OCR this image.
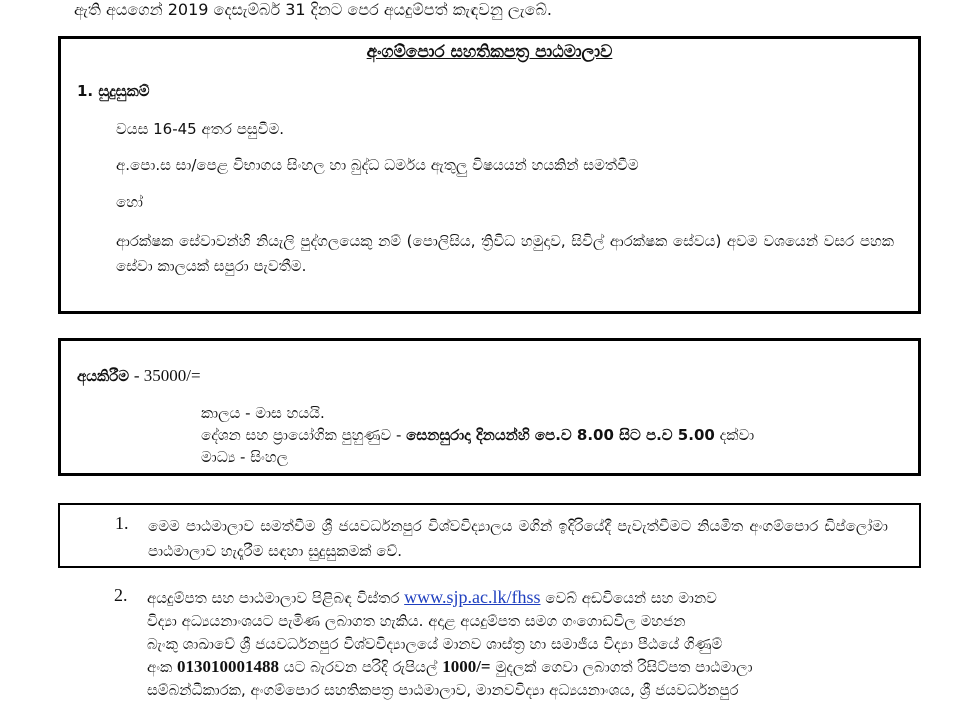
ඇති අයගෙන් 2019 දෙසැම්බර් 31 දිනට පෙර අයදුම්පත් කැඳවනු ලැබේ.
අංගම්පොර සහතිකපත්‍ර පාඨමාලාව
1. සුදුසුකම්
වයස 16-45 අතර පසුවීම.
අ.පො.ස සා/පෙළ විභාගය සිංහල හා බුද්ධ ධර්මය ඇතුලු විෂයයන් හයකින් සමත්වීම
හෝ
ආරක්ෂක සේවාවන්හි නියැලි පුද්ගලයෙකු නම් (පොලිසිය, ත්‍රිවිධ හමුදාව, සිවිල් ආරක්ෂක සේවය) අවම වශයෙන් වසර පහක සේවා කාලයක් සපුරා පැවතීම.
අයකිරීම - 35000/=
කාලය - මාස හයයි.
දේශන සහ ප්‍රායෝගික පුහුණුව - සෙනසුරාදා දිනයන්හි පෙ.ව 8.00 සිට ප.ව 5.00 දක්වා
මාධ්‍ය - සිංහල
1. මෙම පාඨමාලාව සමත්වීම ශ්‍රී ජයවර්ධනපුර විශ්වවිද්‍යාලය මගින් ඉදිරියේදී පැවැත්වීමට නියමිත අංගම්පොර ඩිප්ලෝමා පාඨමාලාව හැදෑරීම සඳහා සුදුසුකමක් වේ.
2. අයදුම්පත සහ පාඨමාලාව පිළිබඳ විස්තර www.sjp.ac.lk/fhss වෙබ් අඩවියෙන් සහ මානව
විද්‍යා අධ්‍යයනාංශයට පැමිණ ලබාගත හැකිය. අදාළ අයදුම්පත සමග ගංගොඩවිල මහජන
බැංකු ශාඛාවේ ශ්‍රී ජයවර්ධනපුර විශ්වවිද්‍යාලයේ මානව ශාස්ත්‍ර හා සමාජීය විද්‍යා පීඨයේ ගිණුම්
අංක 013010001488 යට බැරවන පරිදි රුපියල් 1000/= මුදලක් ගෙවා ලබාගත් රිසිට්පත පාඨමාලා
සම්බන්ධීකාරක, අංගම්පොර සහතිකපත්‍ර පාඨමාලාව, මානවවිද්‍යා අධ්‍යයනාංශය, ශ්‍රී ජයවර්ධනපුර
